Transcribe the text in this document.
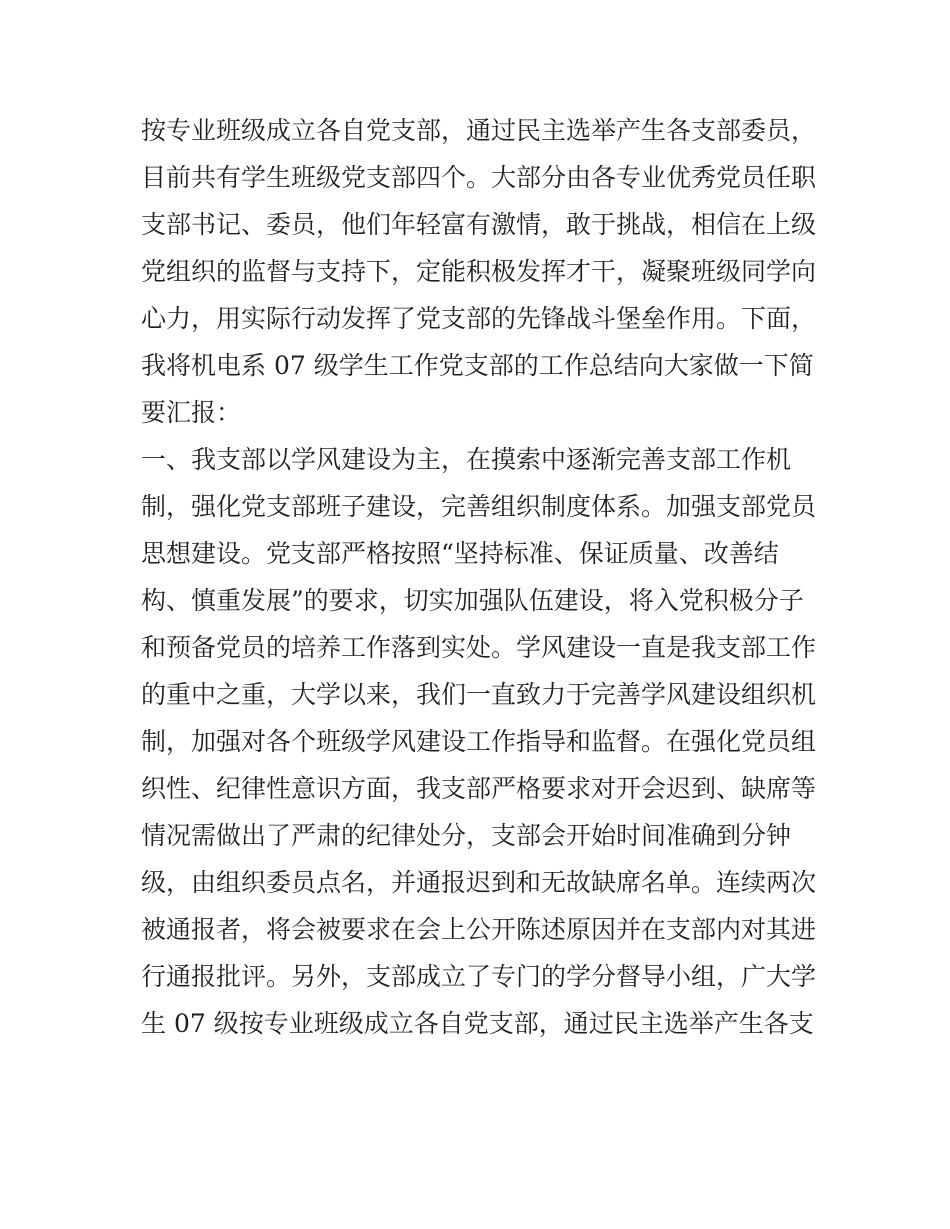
按专业班级成立各自党支部，通过民主选举产生各支部委员，
目前共有学生班级党支部四个。大部分由各专业优秀党员任职
支部书记、委员，他们年轻富有激情，敢于挑战，相信在上级
党组织的监督与支持下，定能积极发挥才干，凝聚班级同学向
心力，用实际行动发挥了党支部的先锋战斗堡垒作用。下面，
我将机电系 07 级学生工作党支部的工作总结向大家做一下简
要汇报：
一、我支部以学风建设为主，在摸索中逐渐完善支部工作机
制，强化党支部班子建设，完善组织制度体系。加强支部党员
思想建设。党支部严格按照“坚持标准、保证质量、改善结
构、慎重发展”的要求，切实加强队伍建设，将入党积极分子
和预备党员的培养工作落到实处。学风建设一直是我支部工作
的重中之重，大学以来，我们一直致力于完善学风建设组织机
制，加强对各个班级学风建设工作指导和监督。在强化党员组
织性、纪律性意识方面，我支部严格要求对开会迟到、缺席等
情况需做出了严肃的纪律处分，支部会开始时间准确到分钟
级，由组织委员点名，并通报迟到和无故缺席名单。连续两次
被通报者，将会被要求在会上公开陈述原因并在支部内对其进
行通报批评。另外，支部成立了专门的学分督导小组，广大学
生 07 级按专业班级成立各自党支部，通过民主选举产生各支
